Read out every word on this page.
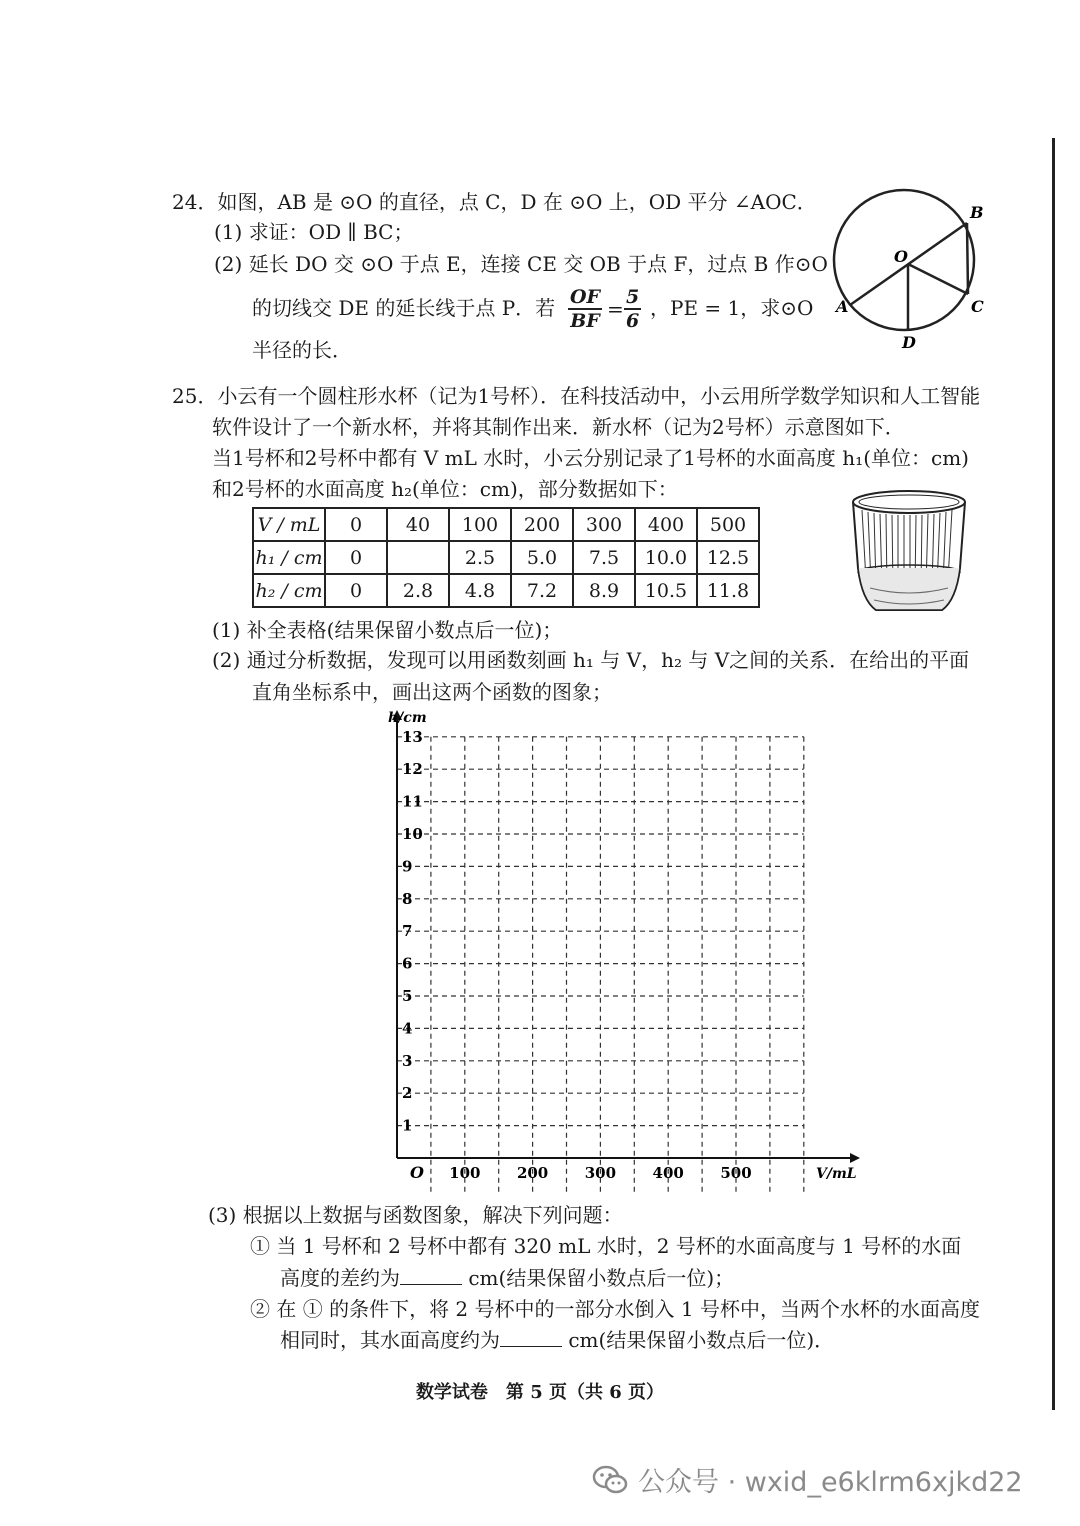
24．如图，AB 是 ⊙O 的直径，点 C，D 在 ⊙O 上，OD 平分 ∠AOC．
(1) 求证：OD ∥ BC；
(2) 延长 DO 交 ⊙O 于点 E，连接 CE 交 OB 于点 F，过点 B 作⊙O
的切线交 DE 的延长线于点 P．若 $\frac{OF}{BF} = \frac{5}{6}$ ，PE = 1，求⊙O
半径的长．
B
O
A	C
D
25．小云有一个圆柱形水杯（记为1号杯）．在科技活动中，小云用所学数学知识和人工智能
软件设计了一个新水杯，并将其制作出来．新水杯（记为2号杯）示意图如下．
当1号杯和2号杯中都有 V mL 水时，小云分别记录了1号杯的水面高度 h₁(单位：cm)
和2号杯的水面高度 h₂(单位：cm)，部分数据如下：
V / mL	0	40	100	200	300	400	500
h₁ / cm	0		2.5	5.0	7.5	10.0	12.5
h₂ / cm	0	2.8	4.8	7.2	8.9	10.5	11.8
(1) 补全表格(结果保留小数点后一位)；
(2) 通过分析数据，发现可以用函数刻画 h₁ 与 V，h₂ 与 V之间的关系．在给出的平面
直角坐标系中，画出这两个函数的图象；
h/cm
V/mL
O
1
2
3
4
5
6
7
8
9
10
11
12
13
100 200 300 400 500
(3) 根据以上数据与函数图象，解决下列问题：
① 当 1 号杯和 2 号杯中都有 320 mL 水时，2 号杯的水面高度与 1 号杯的水面
高度的差约为	cm(结果保留小数点后一位)；
② 在 ① 的条件下，将 2 号杯中的一部分水倒入 1 号杯中，当两个水杯的水面高度
相同时，其水面高度约为	cm(结果保留小数点后一位)．
数学试卷　第 5 页（共 6 页）
公众号 · wxid_e6klrm6xjkd22
